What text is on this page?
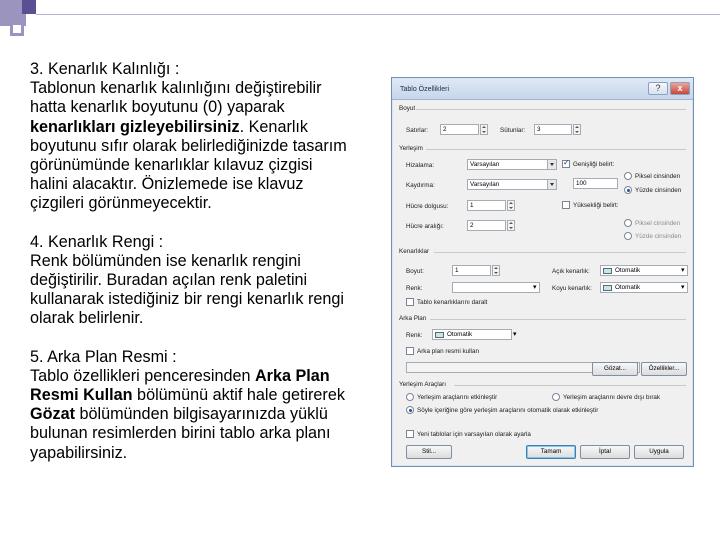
3. Kenarlık Kalınlığı :
Tablonun kenarlık kalınlığını değiştirebilir
hatta kenarlık boyutunu (0) yaparak
kenarlıkları gizleyebilirsiniz. Kenarlık
boyutunu sıfır olarak belirlediğinizde tasarım
görünümünde kenarlıklar kılavuz çizgisi
halini alacaktır. Önizlemede ise klavuz
çizgileri görünmeyecektir.
4. Kenarlık Rengi :
Renk bölümünden ise kenarlık rengini
değiştirilir. Buradan açılan renk paletini
kullanarak istediğiniz bir rengi kenarlık rengi
olarak belirlenir.
5. Arka Plan Resmi :
Tablo özellikleri penceresinden Arka Plan
Resmi Kullan bölümünü aktif hale getirerek
Gözat bölümünden bilgisayarınızda yüklü
bulunan resimlerden birini tablo arka planı
yapabilirsiniz.
Tablo Özellikleri	?	x
Boyut
Satırlar:	2	Sütunlar:	3
Yerleşim
Hizalama:	Varsayılan
Kaydırma:	Varsayılan
Hücre dolgusu:	1
Hücre aralığı:	2
✓
Genişliği belirt:
100
Piksel cinsinden
Yüzde cinsinden
Yüksekliği belirt:
Piksel cinsinden
Yüzde cinsinden
Kenarlıklar
Boyut:	1
Renk:	▾
Açık kenarlık:	Otomatik	▾
Koyu kenarlık:	Otomatik	▾
Tablo kenarlıklarını daralt
Arka Plan
Renk:	Otomatik	▾
Arka plan resmi kullan
Gözat...	Özellikler...
Yerleşim Araçları
Yerleşim araçlarını etkinleştir	Yerleşim araçlarını devre dışı bırak
Söyle içeriğine göre yerleşim araçlarını otomatik olarak etkinleştir
Yeni tablolar için varsayılan olarak ayarla
Stil...	Tamam	İptal	Uygula
